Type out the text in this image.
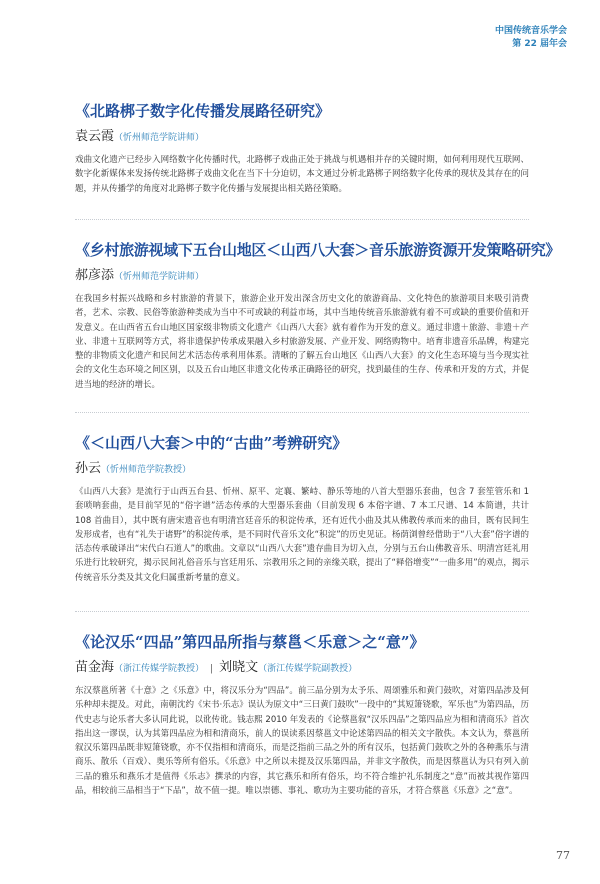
中国传统音乐学会
第 22 届年会
《北路梆子数字化传播发展路径研究》
袁云霞（忻州师范学院讲师）
戏曲文化遗产已经步入网络数字化传播时代，北路梆子戏曲正处于挑战与机遇相并存的关键时期，如何利用现代互联网、数字化新媒体来发扬传统北路梆子戏曲文化在当下十分迫切，本文通过分析北路梆子网络数字化传承的现状及其存在的问题，并从传播学的角度对北路梆子数字化传播与发展提出相关路径策略。
《乡村旅游视域下五台山地区＜山西八大套＞音乐旅游资源开发策略研究》
郝彦添（忻州师范学院讲师）
在我国乡村振兴战略和乡村旅游的背景下，旅游企业开发出深含历史文化的旅游商品、文化特色的旅游项目来吸引消费者，艺术、宗教、民俗等旅游种类成为当中不可或缺的利益市场，其中当地传统音乐旅游就有着不可或缺的重要价值和开发意义。在山西省五台山地区国家级非物质文化遗产《山西八大套》就有着作为开发的意义。通过非遗＋旅游、非遗＋产业、非遗＋互联网等方式，将非遗保护传承成果融入乡村旅游发展、产业开发、网络购物中。培育非遗音乐品牌，构建完整的非物质文化遗产和民间艺术活态传承利用体系。清晰的了解五台山地区《山西八大套》的文化生态环境与当今现实社会的文化生态环境之间区别，以及五台山地区非遗文化传承正确路径的研究，找到最佳的生存、传承和开发的方式，并促进当地的经济的增长。
《＜山西八大套＞中的“古曲”考辨研究》
孙云（忻州师范学院教授）
《山西八大套》是流行于山西五台县、忻州、原平、定襄、繁峙、静乐等地的八首大型器乐套曲，包含 7 套笙管乐和 1 套唢呐套曲，是目前罕见的“俗字谱”活态传承的大型器乐套曲（目前发现 6 本俗字谱、7 本工尺谱、14 本简谱，共计 108 首曲目），其中既有唐宋遗音也有明清宫廷音乐的积淀传承，还有近代小曲及其从佛教传承而来的曲目，既有民间生发形成者，也有“礼失于诸野”的积淀传承，是不同时代音乐文化“积淀”的历史见证。杨荫浏曾经借助于“八大套”俗字谱的活态传承破译出“宋代白石道人”的歌曲。文章以“山西八大套”遗存曲目为切入点，分别与五台山佛教音乐、明清宫廷礼用乐进行比较研究，揭示民间礼俗音乐与宫廷用乐、宗教用乐之间的亲缘关联，提出了“释俗增变”“一曲多用”的观点，揭示传统音乐分类及其文化归属重新考量的意义。
《论汉乐“四品”第四品所指与蔡邕＜乐意＞之“意”》
苗金海（浙江传媒学院教授） | 刘晓文（浙江传媒学院副教授）
东汉蔡邕所著《十意》之《乐意》中，将汉乐分为“四品”。前三品分别为太予乐、周颂雅乐和黄门鼓吹，对第四品涉及何乐种却未提及。对此，南朝沈约《宋书·乐志》误认为原文中“三曰黄门鼓吹”一段中的“其短箫铙歌，军乐也”为第四品，历代史志与论乐者大多认同此说，以讹传讹。钱志熙 2010 年发表的《论蔡邕叙“汉乐四品”之第四品应为相和清商乐》首次指出这一谬误，认为其第四品应为相和清商乐，前人的误读系因蔡邕文中论述第四品的相关文字散佚。本文认为，蔡邕所叙汉乐第四品既非短箫铙歌，亦不仅指相和清商乐，而是泛指前三品之外的所有汉乐，包括黄门鼓吹之外的各种燕乐与清商乐、散乐（百戏）、奥乐等所有俗乐。《乐意》中之所以未提及汉乐第四品，并非文字散佚，而是因蔡邕认为只有列入前三品的雅乐和燕乐才是值得《乐志》撰录的内容，其它燕乐和所有俗乐，均不符合维护礼乐制度之“意”而被其视作第四品，相较前三品相当于“下品”，故不值一提。唯以崇德、事礼、歌功为主要功能的音乐，才符合蔡邕《乐意》之“意”。
77
